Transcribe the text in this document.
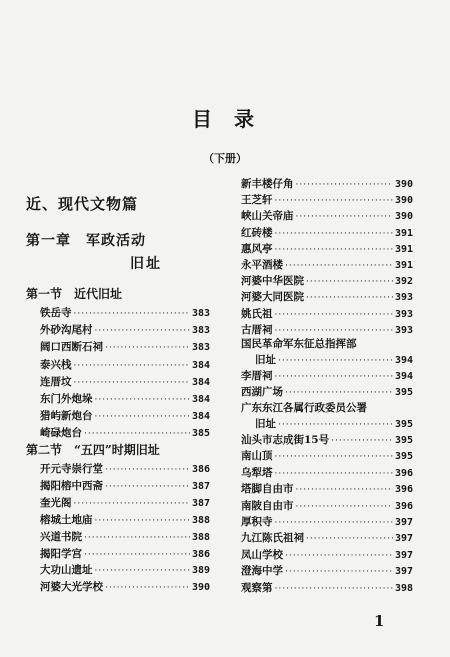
目录
（下册）
近、现代文物篇
第一章　军政活动
旧址
第一节　近代旧址
铁岳寺 ·····	383
外砂沟尾村 ·····	383
阔口西断石祠 ·····	383
泰兴栈 ·····	384
连厝坟 ·····	384
东门外炮垛 ·····	384
猎屿新炮台 ·····	384
崎碌炮台 ·····	385
第二节　“五四”时期旧址
开元寺崇行堂 ·····	386
揭阳榕中西斋 ·····	387
奎光阁 ·····	387
榕城土地庙 ·····	388
兴道书院 ·····	388
揭阳学宫 ·····	386
大功山遗址 ·····	389
河婆大光学校 ·····	390
新丰楼仔角 ·····	390
王芝轩 ·····	390
峡山关帝庙 ·····	390
红砖楼 ·····	391
惠风亭 ·····	391
永平酒楼 ·····	391
河婆中华医院 ·····	392
河婆大同医院 ·····	393
姚氏祖 ·····	393
古厝祠 ·····	393
国民革命军东征总指挥部
旧址 ·····	394
李厝祠 ·····	394
西湖广场 ·····	395
广东东江各属行政委员公署
旧址 ·····	395
汕头市志成街15号 ·····	395
南山顶 ·····	395
乌犁塔 ·····	396
塔脚自由市 ·····	396
南陂自由市 ·····	396
厚积寺 ·····	397
九江陈氏祖祠 ·····	397
凤山学校 ·····	397
澄海中学 ·····	397
观察第 ·····	398
1
